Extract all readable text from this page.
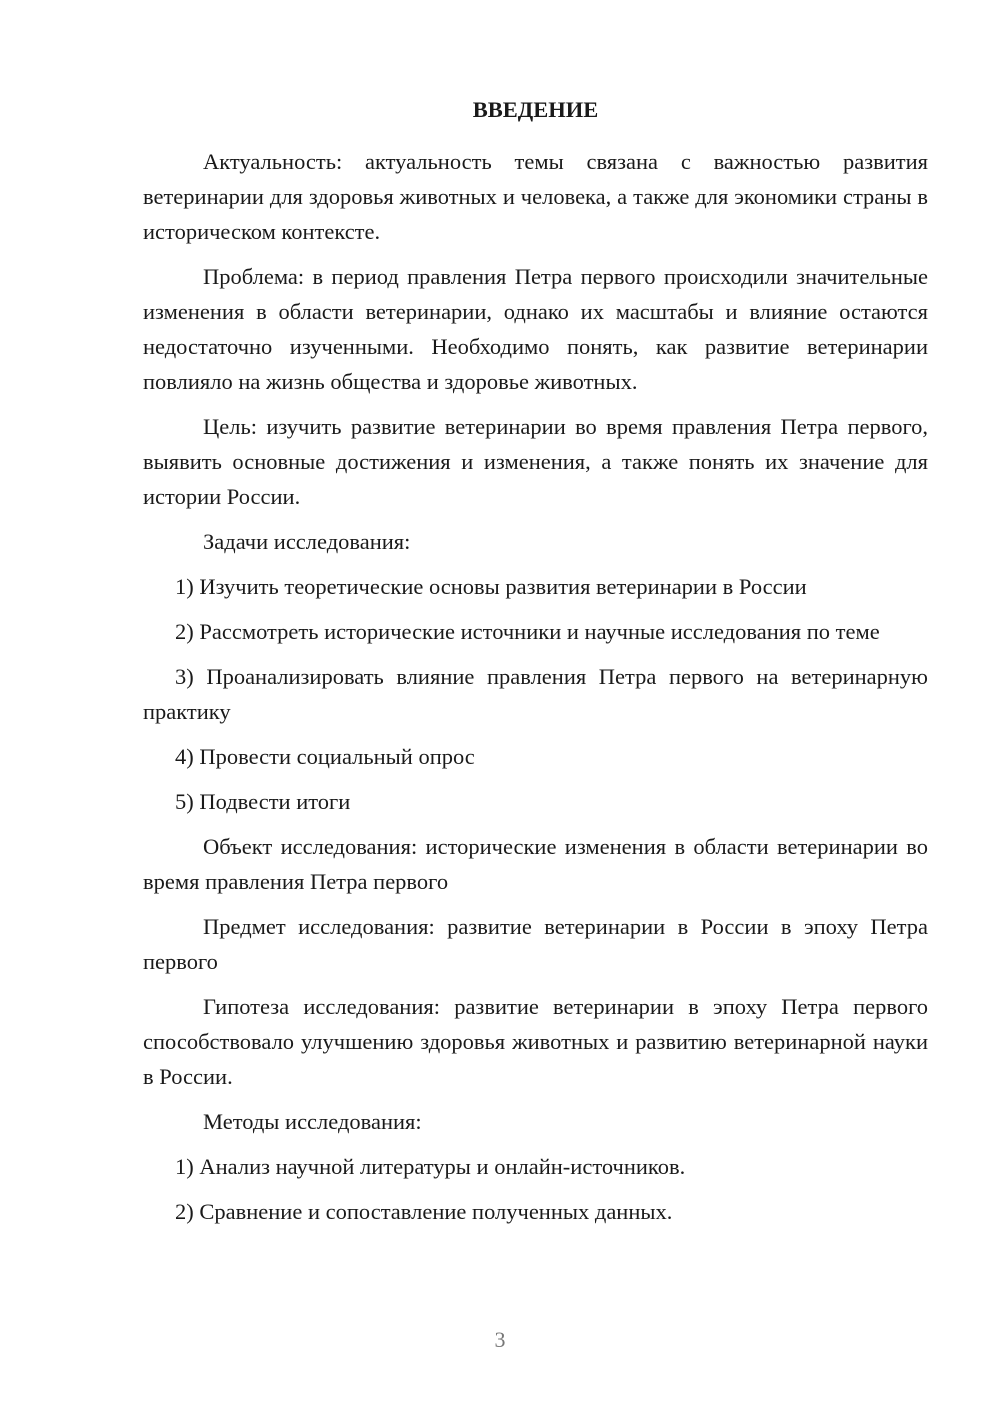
ВВЕДЕНИЕ

Актуальность: актуальность темы связана с важностью развития ветеринарии для здоровья животных и человека, а также для экономики страны в историческом контексте.

Проблема: в период правления Петра первого происходили значительные изменения в области ветеринарии, однако их масштабы и влияние остаются недостаточно изученными. Необходимо понять, как развитие ветеринарии повлияло на жизнь общества и здоровье животных.

Цель: изучить развитие ветеринарии во время правления Петра первого, выявить основные достижения и изменения, а также понять их значение для истории России.

Задачи исследования:

1) Изучить теоретические основы развития ветеринарии в России

2) Рассмотреть исторические источники и научные исследования по теме

3) Проанализировать влияние правления Петра первого на ветеринарную практику

4) Провести социальный опрос

5) Подвести итоги

Объект исследования: исторические изменения в области ветеринарии во время правления Петра первого

Предмет исследования: развитие ветеринарии в России в эпоху Петра первого

Гипотеза исследования: развитие ветеринарии в эпоху Петра первого способствовало улучшению здоровья животных и развитию ветеринарной науки в России.

Методы исследования:

1) Анализ научной литературы и онлайн-источников.

2) Сравнение и сопоставление полученных данных.

3
